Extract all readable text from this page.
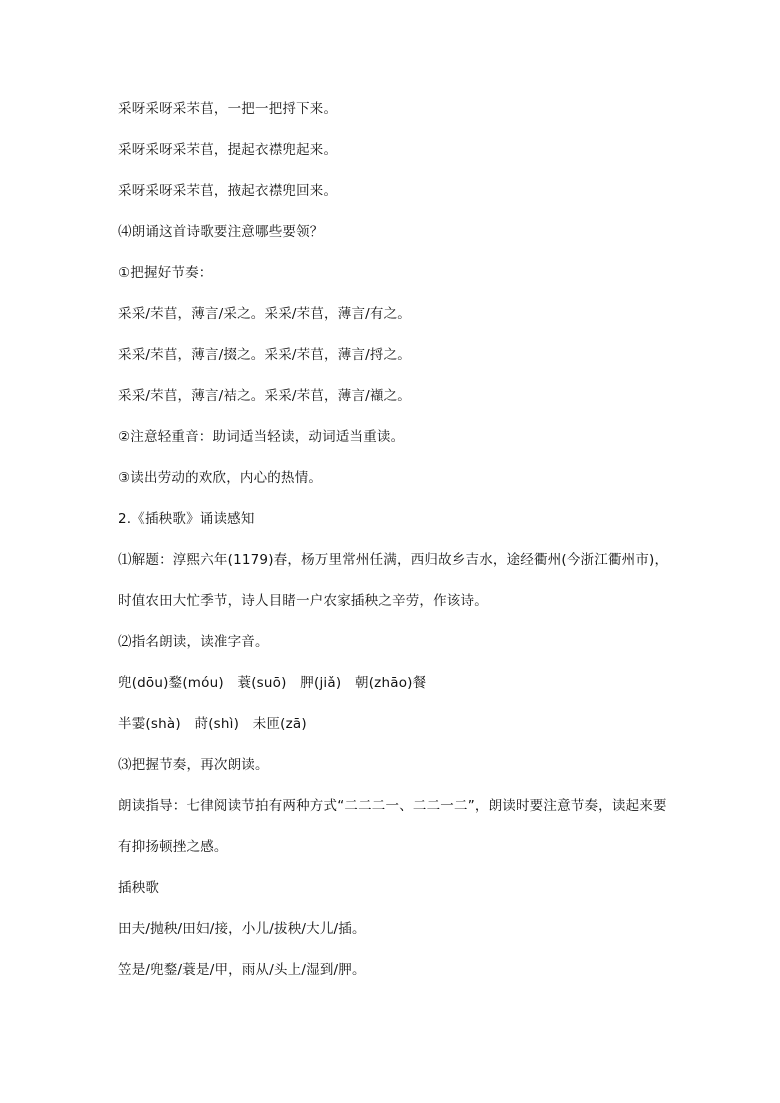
采呀采呀采芣苢，一把一把捋下来。
采呀采呀采芣苢，提起衣襟兜起来。
采呀采呀采芣苢，掖起衣襟兜回来。
⑷朗诵这首诗歌要注意哪些要领？
①把握好节奏：
采采/芣苢，薄言/采之。采采/芣苢，薄言/有之。
采采/芣苢，薄言/掇之。采采/芣苢，薄言/捋之。
采采/芣苢，薄言/袺之。采采/芣苢，薄言/襭之。
②注意轻重音：助词适当轻读，动词适当重读。
③读出劳动的欢欣，内心的热情。
2.《插秧歌》诵读感知
⑴解题：淳熙六年(1179)春，杨万里常州任满，西归故乡吉水，途经衢州(今浙江衢州市)，
时值农田大忙季节，诗人目睹一户农家插秧之辛劳，作该诗。
⑵指名朗读，读准字音。
兜(dōu)鍪(móu)　蓑(suō)　胛(jiǎ)　朝(zhāo)餐
半霎(shà)　莳(shì)　未匝(zā)
⑶把握节奏，再次朗读。
朗读指导：七律阅读节拍有两种方式“二二二一、二二一二”，朗读时要注意节奏，读起来要
有抑扬顿挫之感。
插秧歌
田夫/抛秧/田妇/接，小儿/拔秧/大儿/插。
笠是/兜鍪/蓑是/甲，雨从/头上/湿到/胛。
